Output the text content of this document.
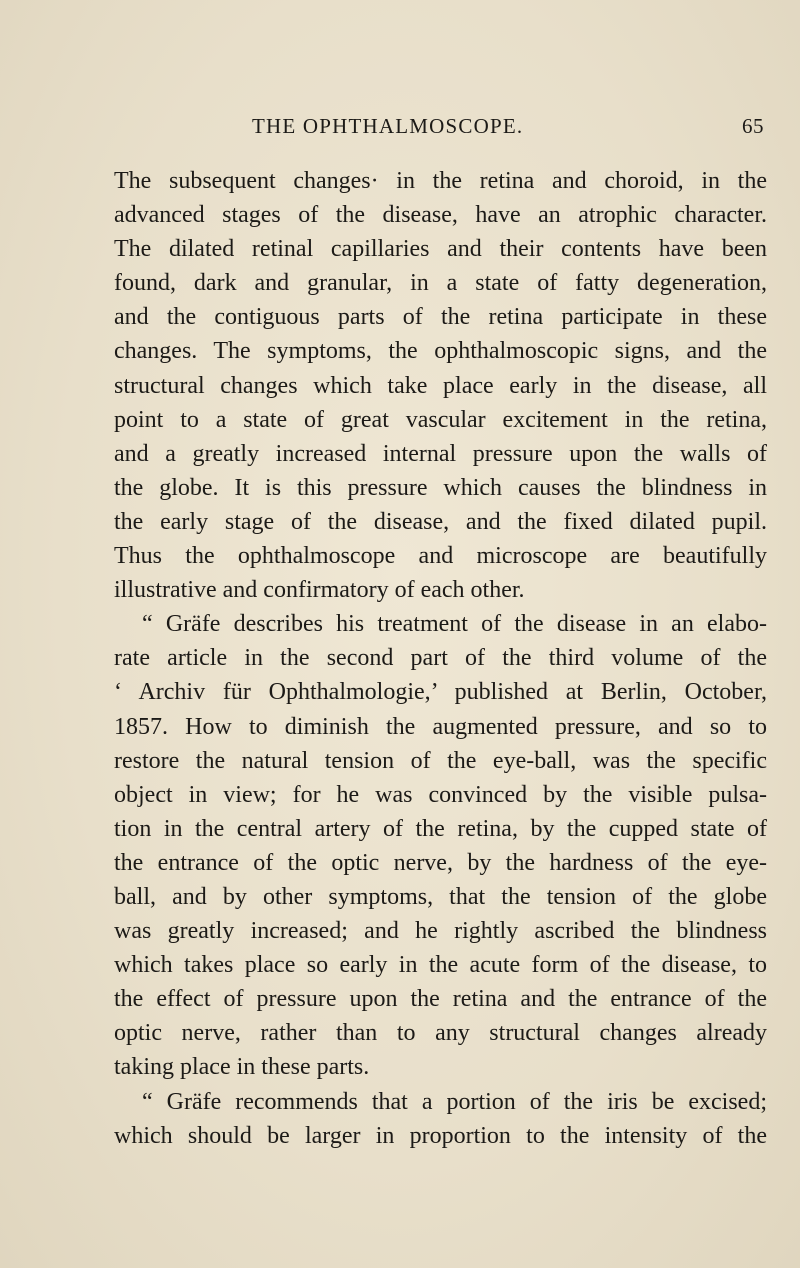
THE OPHTHALMOSCOPE.	65
The subsequent changes· in the retina and choroid, in the
advanced stages of the disease, have an atrophic character.
The dilated retinal capillaries and their contents have been
found, dark and granular, in a state of fatty degeneration,
and the contiguous parts of the retina participate in these
changes. The symptoms, the ophthalmoscopic signs, and the
structural changes which take place early in the disease, all
point to a state of great vascular excitement in the retina,
and a greatly increased internal pressure upon the walls of
the globe. It is this pressure which causes the blindness in
the early stage of the disease, and the fixed dilated pupil.
Thus the ophthalmoscope and microscope are beautifully
illustrative and confirmatory of each other.
“ Gräfe describes his treatment of the disease in an elabo-
rate article in the second part of the third volume of the
‘ Archiv für Ophthalmologie,’ published at Berlin, October,
1857. How to diminish the augmented pressure, and so to
restore the natural tension of the eye-ball, was the specific
object in view; for he was convinced by the visible pulsa-
tion in the central artery of the retina, by the cupped state of
the entrance of the optic nerve, by the hardness of the eye-
ball, and by other symptoms, that the tension of the globe
was greatly increased; and he rightly ascribed the blindness
which takes place so early in the acute form of the disease, to
the effect of pressure upon the retina and the entrance of the
optic nerve, rather than to any structural changes already
taking place in these parts.
“ Gräfe recommends that a portion of the iris be excised;
which should be larger in proportion to the intensity of the
